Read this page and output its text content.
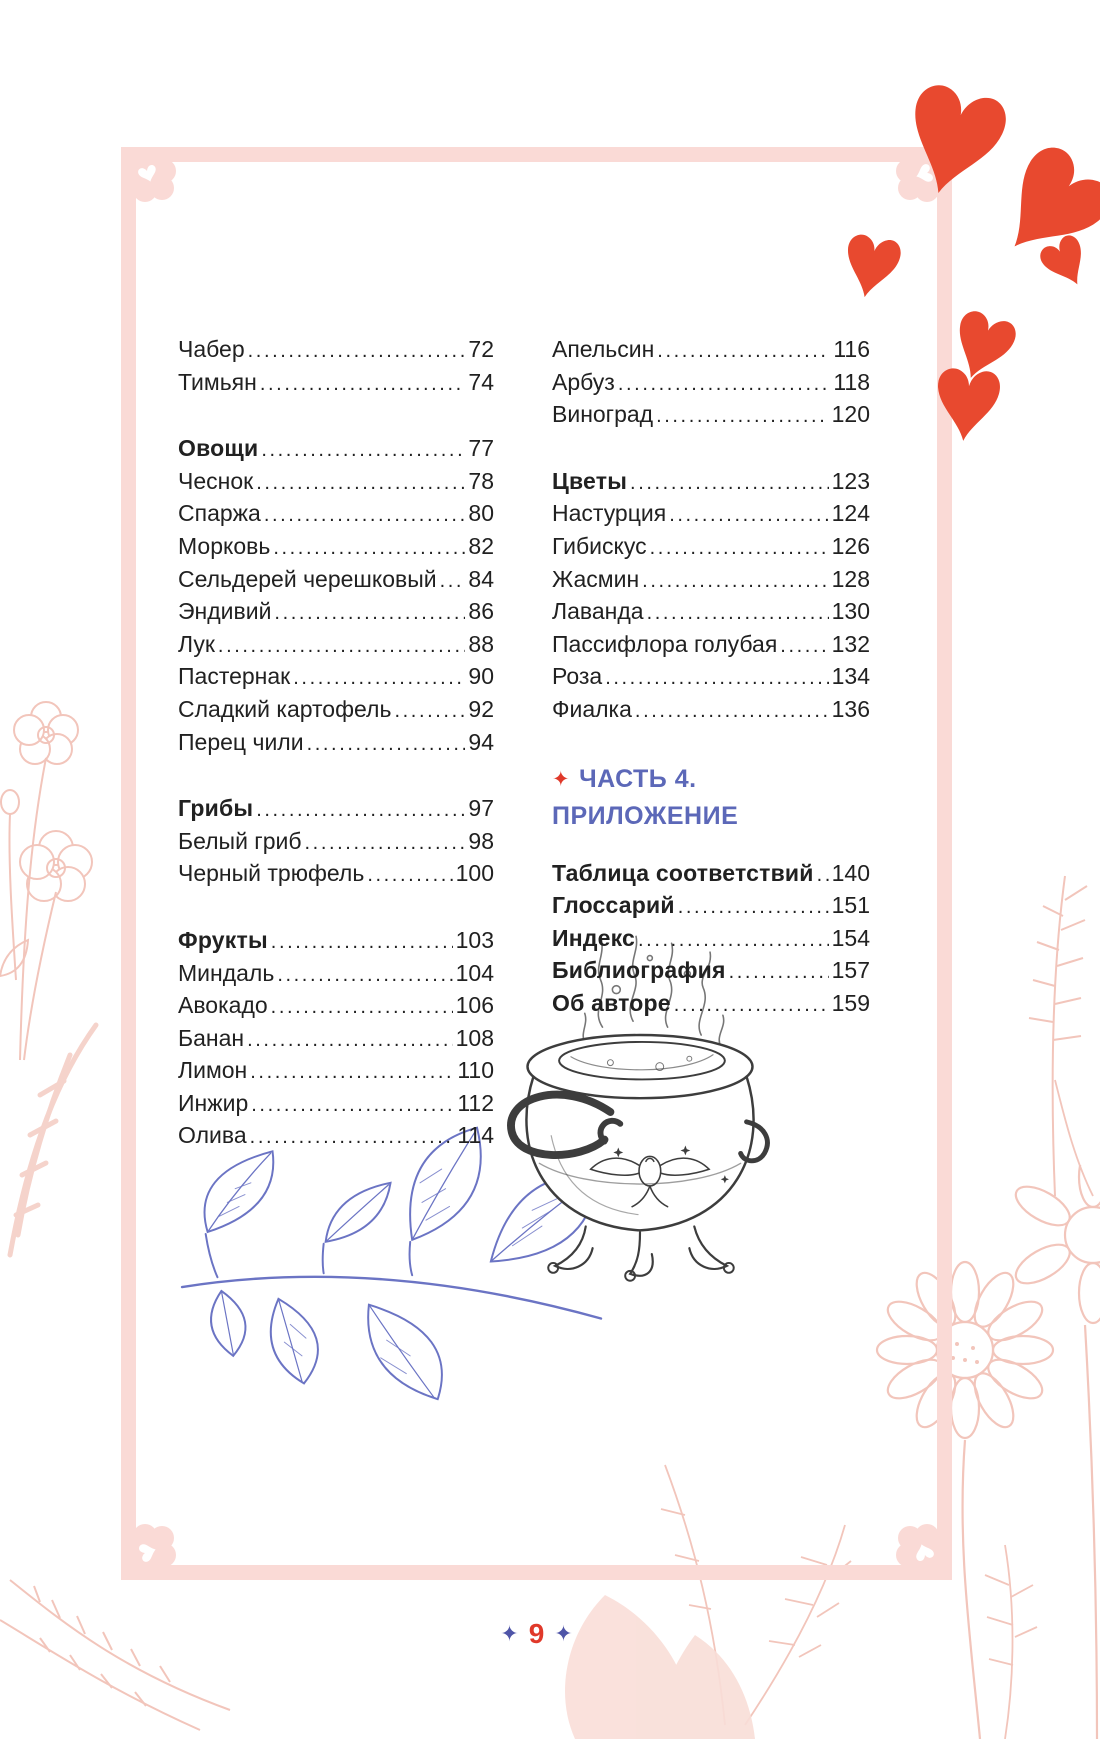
Чабер .....	72
Тимьян .....	74
Овощи .....	77
Чеснок .....	78
Спаржа .....	80
Морковь .....	82
Сельдерей черешковый ..... 84
Эндивий .....	86
Лук .....	88
Пастернак .....	90
Сладкий картофель .....	92
Перец чили .....	94
Грибы .....	97
Белый гриб .....	98
Черный трюфель .....	100
Фрукты .....	103
Миндаль .....	104
Авокадо .....	106
Банан .....	108
Лимон .....	110
Инжир .....	112
Олива .....	114
Апельсин .....	116
Арбуз .....	118
Виноград .....	120
Цветы .....	123
Настурция .....	124
Гибискус .....	126
Жасмин .....	128
Лаванда .....	130
Пассифлора голубая ..... 132
Роза .....	134
Фиалка .....	136
✦ ЧАСТЬ 4.
ПРИЛОЖЕНИЕ
Таблица соответствий ..... 140
Глоссарий .....	151
Индекс .....	154
Библиография .....	157
Об авторе .....	159
✦ 9 ✦
